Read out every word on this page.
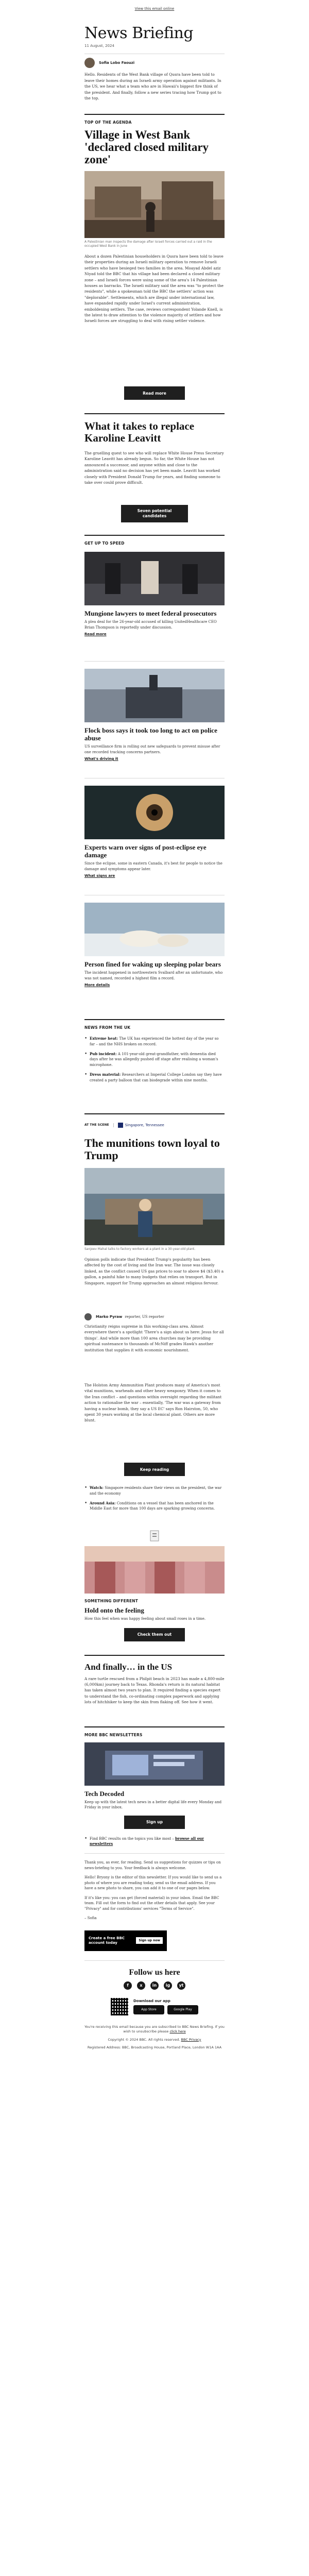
View this email online
News Briefing
11 August, 2024
Sofia Lobo Faouzi

Hello. Residents of the West Bank village of Qusra have been told to leave their homes during an Israeli army operation against militants. In the US, we hear what a team who are in Hawaii's biggest fire think of the president. And finally, follow a new series tracing how Trump got to the top.

TOP OF THE AGENDA
Village in West Bank 'declared closed military zone'

A Palestinian man inspects the damage after Israeli forces carried out a raid in the occupied West Bank in June

About a dozen Palestinian householders in Qusra have been told to leave their properties during an Israeli military operation to remove Israeli settlers who have besieged two families in the area. Moayad Abdel aziz Niyad told the BBC that his village had been declared a closed military zone – and Israeli forces were using some of the area's 14 Palestinian houses as barracks. The Israeli military said the area was "to protect the residents", while a spokesman told the BBC the settlers' action was "deplorable". Settlements, which are illegal under international law, have expanded rapidly under Israel's current administration, emboldening settlers. The case, reviews correspondent Yolande Knell, is the latest to draw attention to the violence majority of settlers and how Israeli forces are struggling to deal with rising settler violence.

Read more
What it takes to replace Karoline Leavitt

The gruelling quest to see who will replace White House Press Secretary Karoline Leavitt has already begun. So far, the White House has not announced a successor, and anyone within and close to the administration said no decision has yet been made. Leavitt has worked closely with President Donald Trump for years, and finding someone to take over could prove difficult.

Seven potential candidates
GET UP TO SPEED
Mungione lawyers to meet federal prosecutors

A plea deal for the 26-year-old accused of killing UnitedHealthcare CEO Brian Thompson is reportedly under discussion.

Read more
Flock boss says it took too long to act on police abuse

US surveillance firm is rolling out new safeguards to prevent misuse after one recorded tracking concerns partners.

What's driving it
Experts warn over signs of post-eclipse eye damage

Since the eclipse, some in eastern Canada, it's best for people to notice the damage and symptoms appear later.

What signs are
Person fined for waking up sleeping polar bears

The incident happened in northwestern Svalbard after an unfortunate, who was not named, recorded a highest film a record.

More details
NEWS FROM THE UK
• Extreme heat: The UK has experienced the hottest day of the year so far – and the NHS broken on record.
• Pub incident: A 101-year-old great-grandfather, with dementia died days after he was allegedly pushed off stage after realising a woman's microphone.
• Dress material: Researchers at Imperial College London say they have created a party balloon that can biodegrade within nine months.
AT THE SCENE	Singapore, Tennessee
The munitions town loyal to Trump

Sanjeev Mahal talks to factory workers at a plant in a 30-year-old plant.

Opinion polls indicate that President Trump's popularity has been affected by the cost of living and the Iran war. The issue was closely linked, as the conflict caused US gas prices to soar to above $4 ($3.40) a gallon, a painful hike to many budgets that relies on transport. But in Singapore, support for Trump approaches an almost religious fervour.

Marko Pyraw reporter, US reporter

Christianity reigns supreme in this working-class area. Almost everywhere there's a spotlight 'There's a sign about us here: Jesus for all things'. And while more than 100 area churches may be providing spiritual sustenance to thousands of McNiff grades Hawk's another institution that supplies it with economic nourishment.

The Holston Army Ammunition Plant produces many of America's most vital munitions, warheads and other heavy weaponry. When it comes to the Iran conflict – and questions within oversight regarding the militant action to rationalise the war – essentially, 'The war was a gateway from having a nuclear bomb, they say a US EC' says Ron Hairston, 50, who spent 30 years working at the local chemical plant. Others are more blunt.

Keep reading
• Watch: Singapore residents share their views on the president, the war and the economy
• Around Asia: Conditions on a vessel that has been anchored in the Middle East for more than 100 days are sparking growing concerns.
SOMETHING DIFFERENT
Hold onto the feeling

How this feel when was happy feeling about small roses in a time.

Check them out
And finally… in the US

A rare turtle rescued from a Philpit beach in 2023 has made a 4,800-mile (6,000km) journey back to Texas. Rhonda's return is its natural habitat has taken almost two years to plan. It required finding a species expert to understand the fish, co-ordinating complex paperwork and applying lots of hitchhiker to keep the skin from flaking off. See how it went.

MORE BBC NEWSLETTERS
Tech Decoded

Keep up with the latest tech news in a better digital life every Monday and Friday in your inbox.

Sign up
• Find BBC results on the topics you like most – browse all our newsletters

Thank you, as ever, for reading. Send us suggestions for quizzes or tips on news-briefing to you. Your feedback is always welcome.

Hello! Bryony is the editor of this newsletter. If you would like to send us a photo of where you are reading today, send us the email address. If you have a new photo to share, you can add it to one of our pages below.

If it's like you: you can get (forced material) in your inbox. Email the BBC team. Fill out the form to find out the other details that apply. See your "Privacy" and for contributions' services "Terms of Service".

– Sofia

Create a free BBC account today	Sign up now
Follow us here
f	x	in	ig	yt
Download our app
App Store	Google Play

You're receiving this email because you are subscribed to BBC News Briefing. If you wish to unsubscribe please click here

Copyright © 2024 BBC. All rights reserved. BBC Privacy

Registered Address: BBC, Broadcasting House, Portland Place, London W1A 1AA
